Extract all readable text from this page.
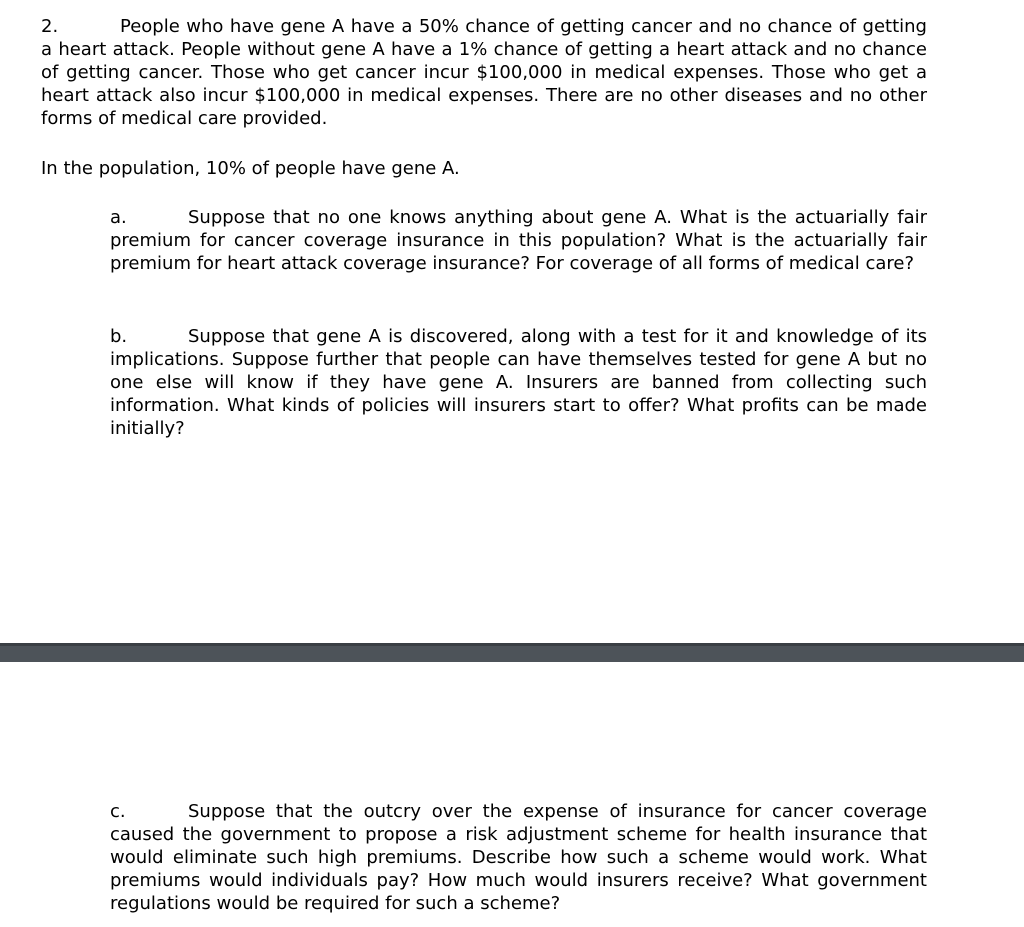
2.	People who have gene A have a 50% chance of getting cancer and no chance of getting a heart attack. People without gene A have a 1% chance of getting a heart attack and no chance of getting cancer. Those who get cancer incur $100,000 in medical expenses. Those who get a heart attack also incur $100,000 in medical expenses. There are no other diseases and no other forms of medical care provided.

In the population, 10% of people have gene A.

a.	Suppose that no one knows anything about gene A. What is the actuarially fair premium for cancer coverage insurance in this population? What is the actuarially fair premium for heart attack coverage insurance? For coverage of all forms of medical care?

b.	Suppose that gene A is discovered, along with a test for it and knowledge of its implications. Suppose further that people can have themselves tested for gene A but no one else will know if they have gene A. Insurers are banned from collecting such information. What kinds of policies will insurers start to offer? What profits can be made initially?

c.	Suppose that the outcry over the expense of insurance for cancer coverage caused the government to propose a risk adjustment scheme for health insurance that would eliminate such high premiums. Describe how such a scheme would work. What premiums would individuals pay? How much would insurers receive? What government regulations would be required for such a scheme?
